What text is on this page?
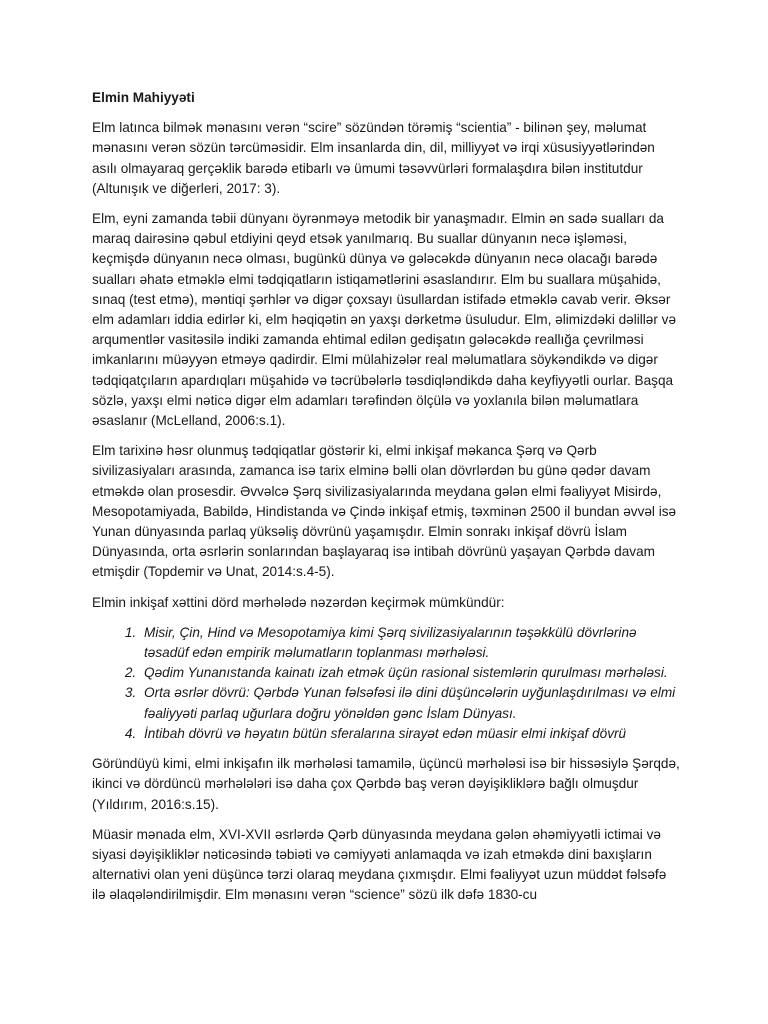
Elmin Mahiyyəti

Elm latınca bilmək mənasını verən “scire” sözündən törəmiş “scientia” - bilinən şey, məlumat mənasını verən sözün tərcüməsidir. Elm insanlarda din, dil, milliyyət və irqi xüsusiyyətlərindən asılı olmayaraq gerçəklik barədə etibarlı və ümumi təsəvvürləri formalaşdıra bilən institutdur (Altunışık ve diğerleri, 2017: 3).

Elm, eyni zamanda təbii dünyanı öyrənməyə metodik bir yanaşmadır. Elmin ən sadə sualları da maraq dairəsinə qəbul etdiyini qeyd etsək yanılmarıq. Bu suallar dünyanın necə işləməsi, keçmişdə dünyanın necə olması, bugünkü dünya və gələcəkdə dünyanın necə olacağı barədə sualları əhatə etməklə elmi tədqiqatların istiqamətlərini əsaslandırır. Elm bu suallara müşahidə, sınaq (test etmə), məntiqi şərhlər və digər çoxsayı üsullardan istifadə etməklə cavab verir. Əksər elm adamları iddia edirlər ki, elm həqiqətin ən yaxşı dərketmə üsuludur. Elm, əlimizdəki dəlillər və arqumentlər vasitəsilə indiki zamanda ehtimal edilən gedişatın gələcəkdə reallığa çevrilməsi imkanlarını müəyyən etməyə qadirdir. Elmi mülahizələr real məlumatlara söykəndikdə və digər tədqiqatçıların apardıqları müşahidə və təcrübələrlə təsdiqləndikdə daha keyfiyyətli ourlar. Başqa sözlə, yaxşı elmi nəticə digər elm adamları tərəfindən ölçülə və yoxlanıla bilən məlumatlara əsaslanır (McLelland, 2006:s.1).

Elm tarixinə həsr olunmuş tədqiqatlar göstərir ki, elmi inkişaf məkanca Şərq və Qərb sivilizasiyaları arasında, zamanca isə tarix elminə bəlli olan dövrlərdən bu günə qədər davam etməkdə olan prosesdir. Əvvəlcə Şərq sivilizasiyalarında meydana gələn elmi fəaliyyət Misirdə, Mesopotamiyada, Babildə, Hindistanda və Çində inkişaf etmiş, təxminən 2500 il bundan əvvəl isə Yunan dünyasında parlaq yüksəliş dövrünü yaşamışdır. Elmin sonrakı inkişaf dövrü İslam Dünyasında, orta əsrlərin sonlarından başlayaraq isə intibah dövrünü yaşayan Qərbdə davam etmişdir (Topdemir və Unat, 2014:s.4-5).

Elmin inkişaf xəttini dörd mərhələdə nəzərdən keçirmək mümkündür:

1. Misir, Çin, Hind və Mesopotamiya kimi Şərq sivilizasiyalarının təşəkkülü dövrlərinə təsadüf edən empirik məlumatların toplanması mərhələsi.
2. Qədim Yunanıstanda kainatı izah etmək üçün rasional sistemlərin qurulması mərhələsi.
3. Orta əsrlər dövrü: Qərbdə Yunan fəlsəfəsi ilə dini düşüncələrin uyğunlaşdırılması və elmi fəaliyyəti parlaq uğurlara doğru yönəldən gənc İslam Dünyası.
4. İntibah dövrü və həyatın bütün sferalarına sirayət edən müasir elmi inkişaf dövrü

Göründüyü kimi, elmi inkişafın ilk mərhələsi tamamilə, üçüncü mərhələsi isə bir hissəsiylə Şərqdə, ikinci və dördüncü mərhələləri isə daha çox Qərbdə baş verən dəyişikliklərə bağlı olmuşdur (Yıldırım, 2016:s.15).

Müasir mənada elm, XVI-XVII əsrlərdə Qərb dünyasında meydana gələn əhəmiyyətli ictimai və siyasi dəyişikliklər nəticəsində təbiəti və cəmiyyəti anlamaqda və izah etməkdə dini baxışların alternativi olan yeni düşüncə tərzi olaraq meydana çıxmışdır. Elmi fəaliyyət uzun müddət fəlsəfə ilə əlaqələndirilmişdir. Elm mənasını verən “science” sözü ilk dəfə 1830-cu
